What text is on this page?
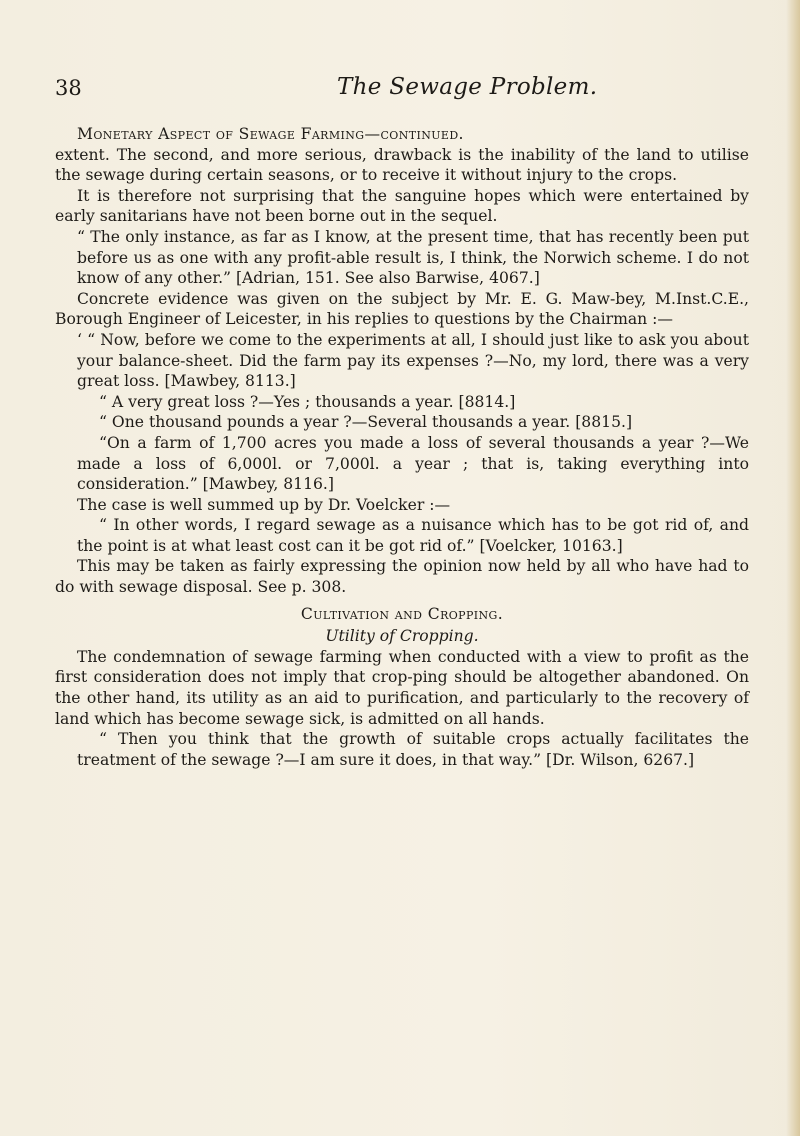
38	The Sewage Problem.

Monetary Aspect of Sewage Farming—continued.

extent. The second, and more serious, drawback is the inability of the land to utilise the sewage during certain seasons, or to receive it without injury to the crops.

It is therefore not surprising that the sanguine hopes which were entertained by early sanitarians have not been borne out in the sequel.

“ The only instance, as far as I know, at the present time, that has recently been put before us as one with any profit-able result is, I think, the Norwich scheme. I do not know of any other.” [Adrian, 151. See also Barwise, 4067.]

Concrete evidence was given on the subject by Mr. E. G. Maw-bey, M.Inst.C.E., Borough Engineer of Leicester, in his replies to questions by the Chairman :—

‘ “ Now, before we come to the experiments at all, I should just like to ask you about your balance-sheet. Did the farm pay its expenses ?—No, my lord, there was a very great loss. [Mawbey, 8113.]

“ A very great loss ?—Yes ; thousands a year. [8814.]

“ One thousand pounds a year ?—Several thousands a year. [8815.]

“On a farm of 1,700 acres you made a loss of several thousands a year ?—We made a loss of 6,000l. or 7,000l. a year ; that is, taking everything into consideration.” [Mawbey, 8116.]

The case is well summed up by Dr. Voelcker :—

“ In other words, I regard sewage as a nuisance which has to be got rid of, and the point is at what least cost can it be got rid of.” [Voelcker, 10163.]

This may be taken as fairly expressing the opinion now held by all who have had to do with sewage disposal. See p. 308.

Cultivation and Cropping.

Utility of Cropping.

The condemnation of sewage farming when conducted with a view to profit as the first consideration does not imply that crop-ping should be altogether abandoned. On the other hand, its utility as an aid to purification, and particularly to the recovery of land which has become sewage sick, is admitted on all hands.

“ Then you think that the growth of suitable crops actually facilitates the treatment of the sewage ?—I am sure it does, in that way.” [Dr. Wilson, 6267.]
